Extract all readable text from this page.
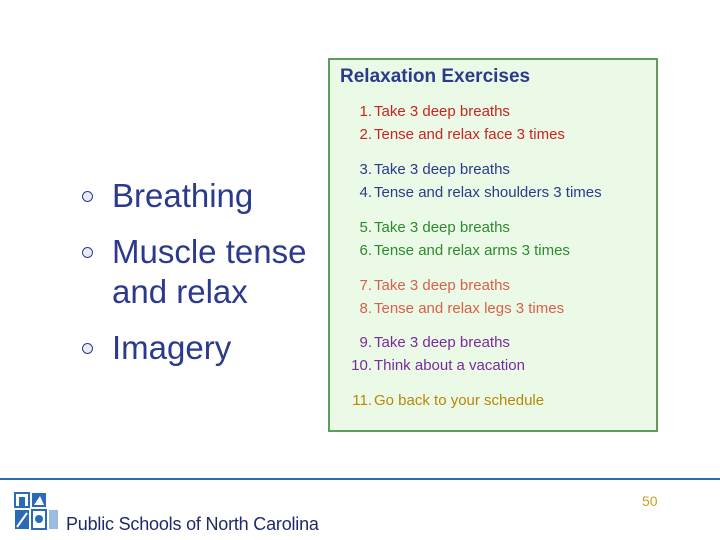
Breathing
Muscle tense and relax
Imagery
Relaxation Exercises
1. Take 3 deep breaths
2. Tense and relax face 3 times
3. Take 3 deep breaths
4. Tense and relax shoulders 3 times
5. Take 3 deep breaths
6. Tense and relax arms 3 times
7. Take 3 deep breaths
8. Tense and relax legs 3 times
9. Take 3 deep breaths
10. Think about a vacation
11. Go back to your schedule
Public Schools of North Carolina
50
